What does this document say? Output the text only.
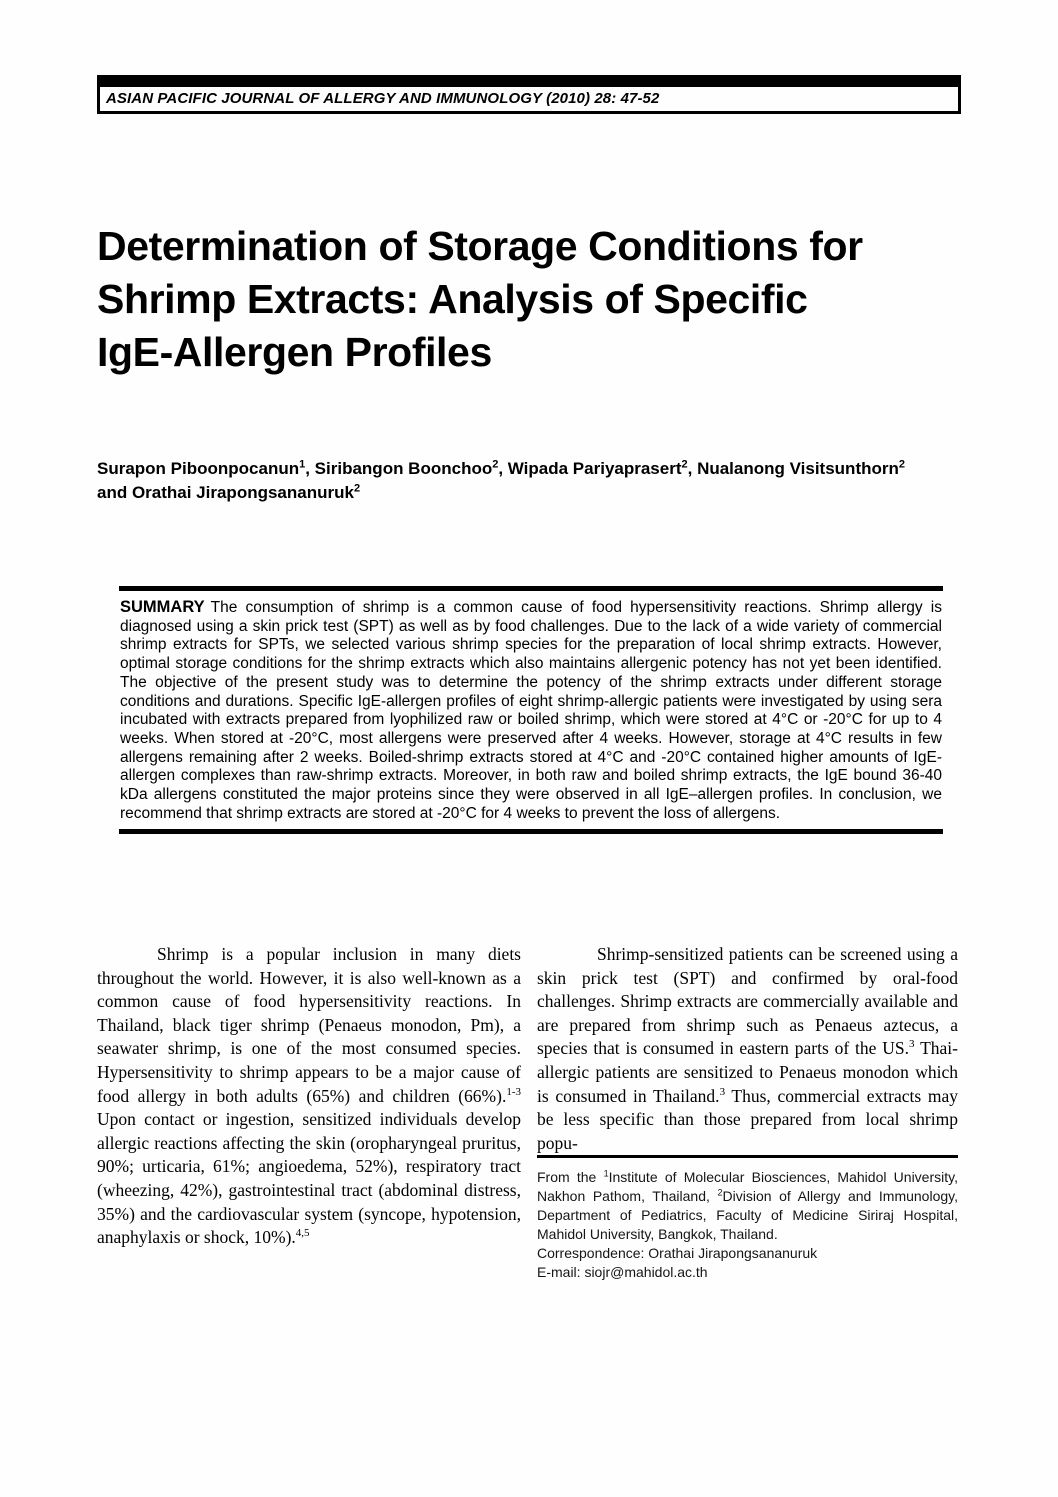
ASIAN PACIFIC JOURNAL OF ALLERGY AND IMMUNOLOGY (2010) 28: 47-52
Determination of Storage Conditions for
Shrimp Extracts: Analysis of Specific
IgE-Allergen Profiles
Surapon Piboonpocanun$^1$, Siribangon Boonchoo$^2$, Wipada Pariyaprasert$^2$, Nualanong Visitsunthorn$^2$
and Orathai Jirapongsananuruk$^2$

SUMMARY The consumption of shrimp is a common cause of food hypersensitivity reactions. Shrimp allergy is diagnosed using a skin prick test (SPT) as well as by food challenges. Due to the lack of a wide variety of commercial shrimp extracts for SPTs, we selected various shrimp species for the preparation of local shrimp extracts. However, optimal storage conditions for the shrimp extracts which also maintains allergenic potency has not yet been identified. The objective of the present study was to determine the potency of the shrimp extracts under different storage conditions and durations. Specific IgE-allergen profiles of eight shrimp-allergic patients were investigated by using sera incubated with extracts prepared from lyophilized raw or boiled shrimp, which were stored at 4°C or -20°C for up to 4 weeks. When stored at -20°C, most allergens were preserved after 4 weeks. However, storage at 4°C results in few allergens remaining after 2 weeks. Boiled-shrimp extracts stored at 4°C and -20°C contained higher amounts of IgE-allergen complexes than raw-shrimp extracts. Moreover, in both raw and boiled shrimp extracts, the IgE bound 36-40 kDa allergens constituted the major proteins since they were observed in all IgE–allergen profiles. In conclusion, we recommend that shrimp extracts are stored at -20°C for 4 weeks to prevent the loss of allergens.

Shrimp is a popular inclusion in many diets throughout the world. However, it is also well-known as a common cause of food hypersensitivity reactions. In Thailand, black tiger shrimp (Penaeus monodon, Pm), a seawater shrimp, is one of the most consumed species. Hypersensitivity to shrimp appears to be a major cause of food allergy in both adults (65%) and children (66%).$^{1-3}$ Upon contact or ingestion, sensitized individuals develop allergic reactions affecting the skin (oropharyngeal pruritus, 90%; urticaria, 61%; angioedema, 52%), respiratory tract (wheezing, 42%), gastrointestinal tract (abdominal distress, 35%) and the cardiovascular system (syncope, hypotension, anaphylaxis or shock, 10%).$^{4,5}$

Shrimp-sensitized patients can be screened using a skin prick test (SPT) and confirmed by oral-food challenges. Shrimp extracts are commercially available and are prepared from shrimp such as Penaeus aztecus, a species that is consumed in eastern parts of the US.$^3$ Thai-allergic patients are sensitized to Penaeus monodon which is consumed in Thailand.$^3$ Thus, commercial extracts may be less specific than those prepared from local shrimp popu-

From the $^1$Institute of Molecular Biosciences, Mahidol University, Nakhon Pathom, Thailand, $^2$Division of Allergy and Immunology, Department of Pediatrics, Faculty of Medicine Siriraj Hospital, Mahidol University, Bangkok, Thailand.

Correspondence: Orathai Jirapongsananuruk

E-mail: siojr@mahidol.ac.th
